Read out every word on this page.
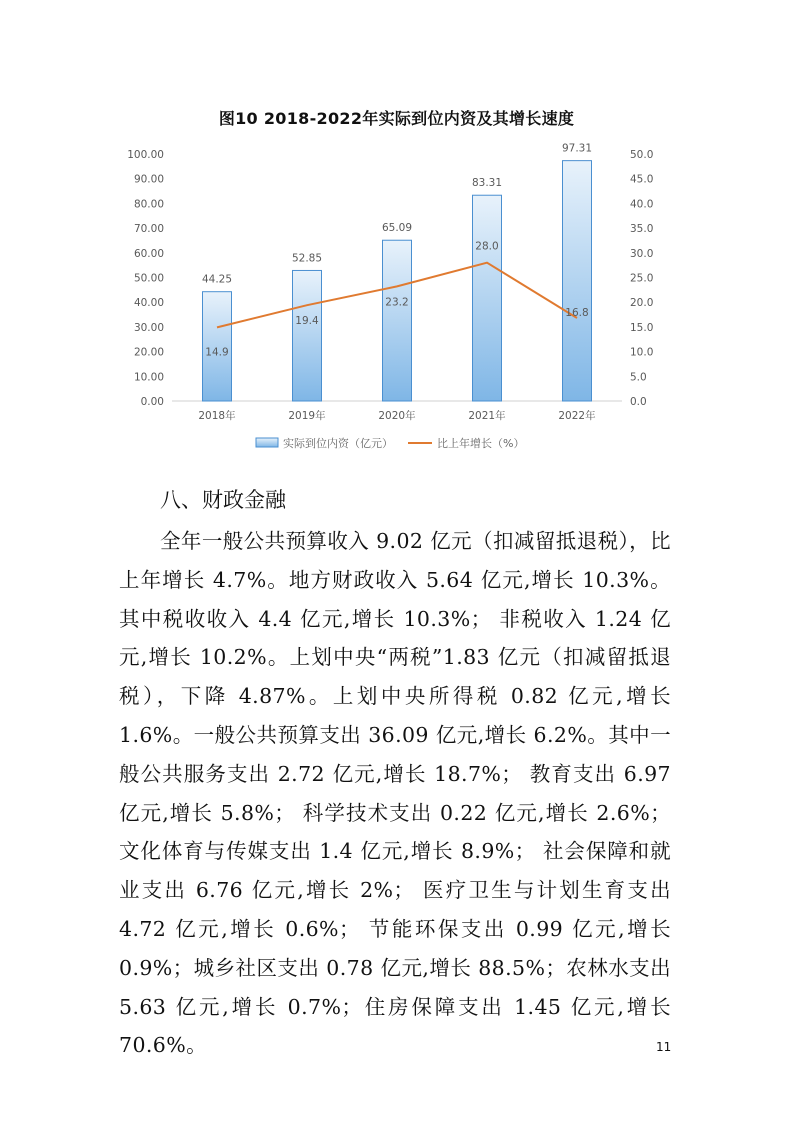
图10 2018-2022年实际到位内资及其增长速度
0.00
10.00
20.00
30.00
40.00
50.00
60.00
70.00
80.00
90.00
100.00
0.0
5.0
10.0
15.0
20.0
25.0
30.0
35.0
40.0
45.0
50.0
44.25
52.85
65.09
83.31
97.31
2018年	2019年	2020年	2021年	2022年
14.9
19.4
23.2
28.0
16.8
实际到位内资（亿元）	比上年增长（%）
八、财政金融

全年一般公共预算收入 9.02 亿元（扣减留抵退税），比上年增长 4.7%。地方财政收入 5.64 亿元,增长 10.3%。其中税收收入 4.4 亿元,增长 10.3%； 非税收入 1.24 亿元,增长 10.2%。上划中央“两税”1.83 亿元（扣减留抵退税），下降 4.87%。上划中央所得税 0.82 亿元,增长 1.6%。一般公共预算支出 36.09 亿元,增长 6.2%。其中一般公共服务支出 2.72 亿元,增长 18.7%； 教育支出 6.97 亿元,增长 5.8%； 科学技术支出 0.22 亿元,增长 2.6%；文化体育与传媒支出 1.4 亿元,增长 8.9%； 社会保障和就业支出 6.76 亿元,增长 2%； 医疗卫生与计划生育支出 4.72 亿元,增长 0.6%； 节能环保支出 0.99 亿元,增长 0.9%；城乡社区支出 0.78 亿元,增长 88.5%；农林水支出 5.63 亿元,增长 0.7%；住房保障支出 1.45 亿元,增长 70.6%。	11
